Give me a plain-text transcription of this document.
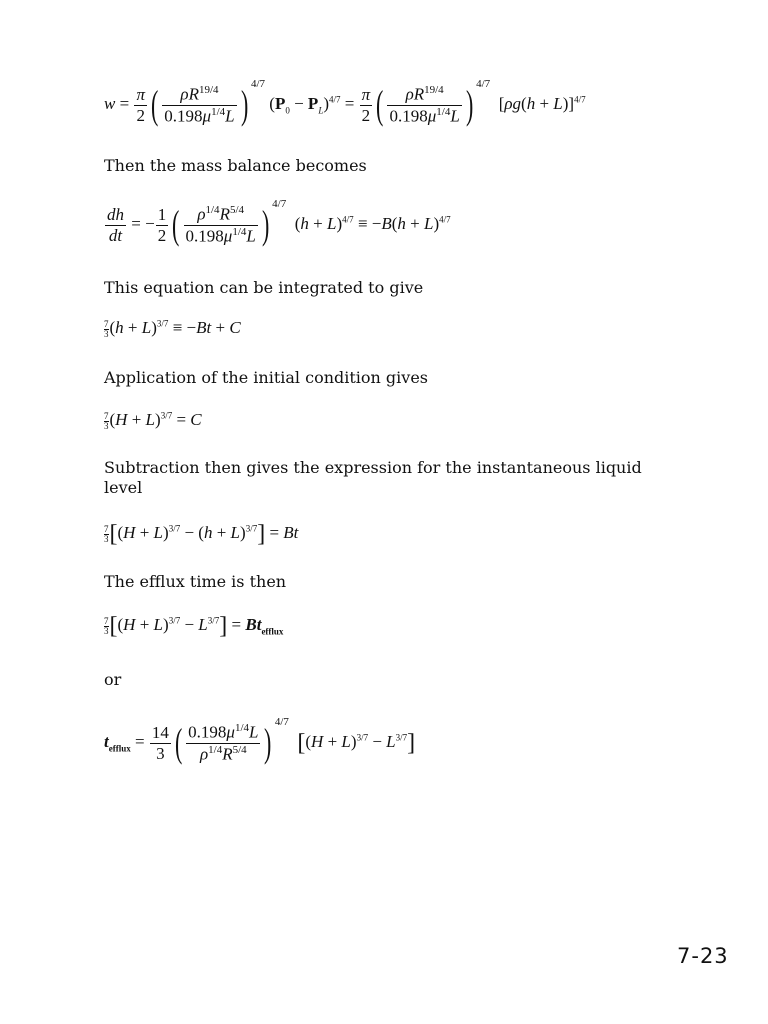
$w = \frac{\pi}{2}$ ( $\frac{\rho R^{19/4}}{0.198\mu^{1/4}L}$ ) $^{4/7}$ $(P_0 - P_L)^{4/7} = \frac{\pi}{2}$ ( $\frac{\rho R^{19/4}}{0.198\mu^{1/4}L}$ ) $^{4/7}$  $[\rho g(h + L)]^{4/7}$
Then the mass balance becomes
$\frac{dh}{dt}$ = − $\frac{1}{2}$ ( $\frac{\rho^{1/4}R^{5/4}}{0.198\mu^{1/4}L}$ ) $^{4/7}$  $(h + L)^{4/7} \equiv -B(h + L)^{4/7}$
This equation can be integrated to give
$\frac{7}{3} (h + L)^{3/7} \equiv -Bt + C$
Application of the initial condition gives
$\frac{7}{3} (H + L)^{3/7} = C$
Subtraction then gives the expression for the instantaneous liquid
level
$\frac{7}{3} [(H + L)^{3/7} - (h + L)^{3/7}] = Bt$
The efflux time is then
$\frac{7}{3} [(H + L)^{3/7} - L^{3/7}] = Bt_{efflux}$
or
$t_{efflux} = \frac{14}{3}$ ( $\frac{0.198\mu^{1/4}L}{\rho^{1/4}R^{5/4}}$ ) $^{4/7}$  $[(H + L)^{3/7} - L^{3/7}]$
7-23
